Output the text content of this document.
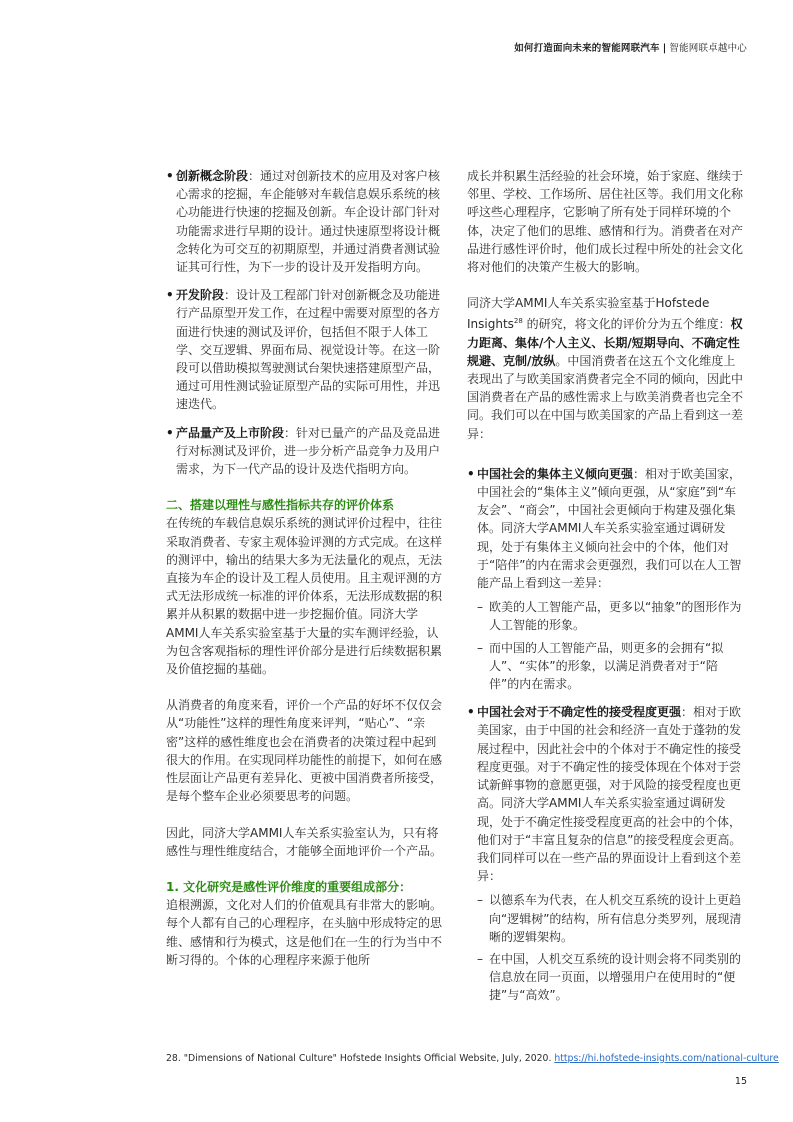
如何打造面向未来的智能网联汽车 | 智能网联卓越中心

• 创新概念阶段：通过对创新技术的应用及对客户核心需求的挖掘，车企能够对车载信息娱乐系统的核心功能进行快速的挖掘及创新。车企设计部门针对功能需求进行早期的设计。通过快速原型将设计概念转化为可交互的初期原型，并通过消费者测试验证其可行性，为下一步的设计及开发指明方向。

• 开发阶段：设计及工程部门针对创新概念及功能进行产品原型开发工作，在过程中需要对原型的各方面进行快速的测试及评价，包括但不限于人体工学、交互逻辑、界面布局、视觉设计等。在这一阶段可以借助模拟驾驶测试台架快速搭建原型产品，通过可用性测试验证原型产品的实际可用性，并迅速迭代。

• 产品量产及上市阶段：针对已量产的产品及竞品进行对标测试及评价，进一步分析产品竞争力及用户需求，为下一代产品的设计及迭代指明方向。

二、搭建以理性与感性指标共存的评价体系

在传统的车载信息娱乐系统的测试评价过程中，往往采取消费者、专家主观体验评测的方式完成。在这样的测评中，输出的结果大多为无法量化的观点，无法直接为车企的设计及工程人员使用。且主观评测的方式无法形成统一标准的评价体系，无法形成数据的积累并从积累的数据中进一步挖掘价值。同济大学AMMI人车关系实验室基于大量的实车测评经验，认为包含客观指标的理性评价部分是进行后续数据积累及价值挖掘的基础。

从消费者的角度来看，评价一个产品的好坏不仅仅会从“功能性”这样的理性角度来评判，“贴心”、“亲密”这样的感性维度也会在消费者的决策过程中起到很大的作用。在实现同样功能性的前提下，如何在感性层面让产品更有差异化、更被中国消费者所接受，是每个整车企业必须要思考的问题。

因此，同济大学AMMI人车关系实验室认为，只有将感性与理性维度结合，才能够全面地评价一个产品。

1. 文化研究是感性评价维度的重要组成部分：

追根溯源，文化对人们的价值观具有非常大的影响。每个人都有自己的心理程序，在头脑中形成特定的思维、感情和行为模式，这是他们在一生的行为当中不断习得的。个体的心理程序来源于他所

成长并积累生活经验的社会环境，始于家庭、继续于邻里、学校、工作场所、居住社区等。我们用文化称呼这些心理程序，它影响了所有处于同样环境的个体，决定了他们的思维、感情和行为。消费者在对产品进行感性评价时，他们成长过程中所处的社会文化将对他们的决策产生极大的影响。

同济大学AMMI人车关系实验室基于Hofstede Insights$^{28}$ 的研究，将文化的评价分为五个维度：权力距离、集体/个人主义、长期/短期导向、不确定性规避、克制/放纵。中国消费者在这五个文化维度上表现出了与欧美国家消费者完全不同的倾向，因此中国消费者在产品的感性需求上与欧美消费者也完全不同。我们可以在中国与欧美国家的产品上看到这一差异：

• 中国社会的集体主义倾向更强：相对于欧美国家，中国社会的“集体主义”倾向更强，从“家庭”到“车友会”、“商会”，中国社会更倾向于构建及强化集体。同济大学AMMI人车关系实验室通过调研发现，处于有集体主义倾向社会中的个体，他们对于“陪伴”的内在需求会更强烈，我们可以在人工智能产品上看到这一差异：

– 欧美的人工智能产品，更多以“抽象”的图形作为人工智能的形象。

– 而中国的人工智能产品，则更多的会拥有“拟人”、“实体”的形象，以满足消费者对于“陪伴”的内在需求。

• 中国社会对于不确定性的接受程度更强：相对于欧美国家，由于中国的社会和经济一直处于蓬勃的发展过程中，因此社会中的个体对于不确定性的接受程度更强。对于不确定性的接受体现在个体对于尝试新鲜事物的意愿更强，对于风险的接受程度也更高。同济大学AMMI人车关系实验室通过调研发现，处于不确定性接受程度更高的社会中的个体，他们对于“丰富且复杂的信息”的接受程度会更高。我们同样可以在一些产品的界面设计上看到这个差异：

– 以德系车为代表，在人机交互系统的设计上更趋向“逻辑树”的结构，所有信息分类罗列，展现清晰的逻辑架构。

– 在中国，人机交互系统的设计则会将不同类别的信息放在同一页面，以增强用户在使用时的“便捷”与“高效”。

28. "Dimensions of National Culture" Hofstede Insights Official Website, July, 2020. https://hi.hofstede-insights.com/national-culture
15
